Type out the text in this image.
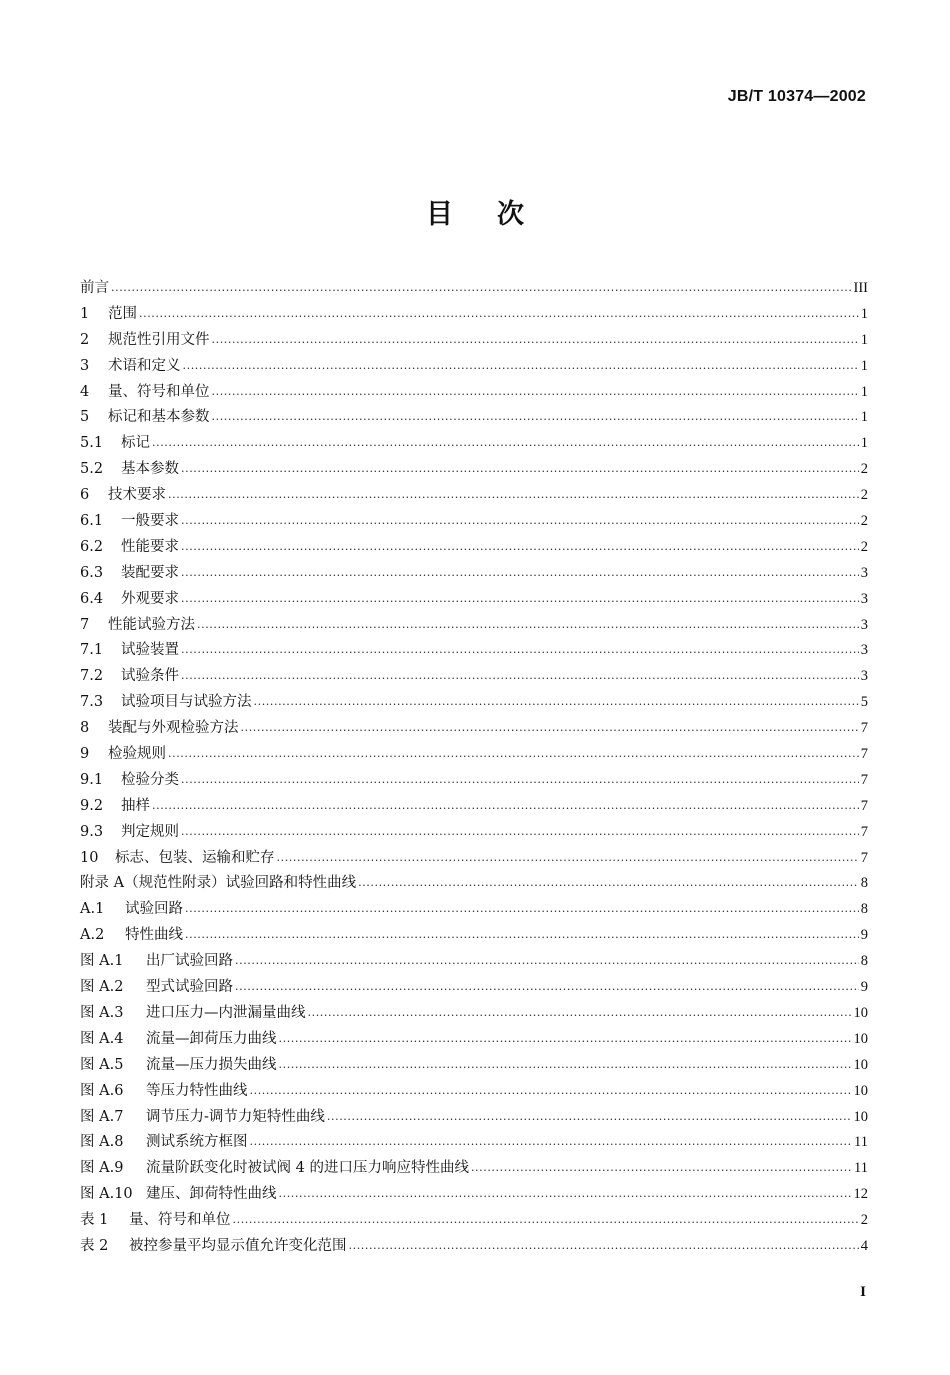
JB/T 10374—2002
目次
前言 .....	III
1	范围 .....	1
2	规范性引用文件 .....	1
3	术语和定义 .....	1
4	量、符号和单位 .....	1
5	标记和基本参数 .....	1
5.1	标记 .....	1
5.2	基本参数 .....	2
6	技术要求 .....	2
6.1	一般要求 .....	2
6.2	性能要求 .....	2
6.3	装配要求 .....	3
6.4	外观要求 .....	3
7	性能试验方法 .....	3
7.1	试验装置 .....	3
7.2	试验条件 .....	3
7.3	试验项目与试验方法 .....	5
8	装配与外观检验方法 .....	7
9	检验规则 .....	7
9.1	检验分类 .....	7
9.2	抽样 .....	7
9.3	判定规则 .....	7
10	标志、包装、运输和贮存 .....	7
附录 A（规范性附录）试验回路和特性曲线 .....	8
A.1	试验回路 .....	8
A.2	特性曲线 .....	9
图 A.1	出厂试验回路 .....	8
图 A.2	型式试验回路 .....	9
图 A.3	进口压力—内泄漏量曲线 .....	10
图 A.4	流量—卸荷压力曲线 .....	10
图 A.5	流量—压力损失曲线 .....	10
图 A.6	等压力特性曲线 .....	10
图 A.7	调节压力-调节力矩特性曲线 .....	10
图 A.8	测试系统方框图 .....	11
图 A.9	流量阶跃变化时被试阀 4 的进口压力响应特性曲线 .....	11
图 A.10 建压、卸荷特性曲线 .....	12
表 1	量、符号和单位 .....	2
表 2	被控参量平均显示值允许变化范围 .....	4
I
